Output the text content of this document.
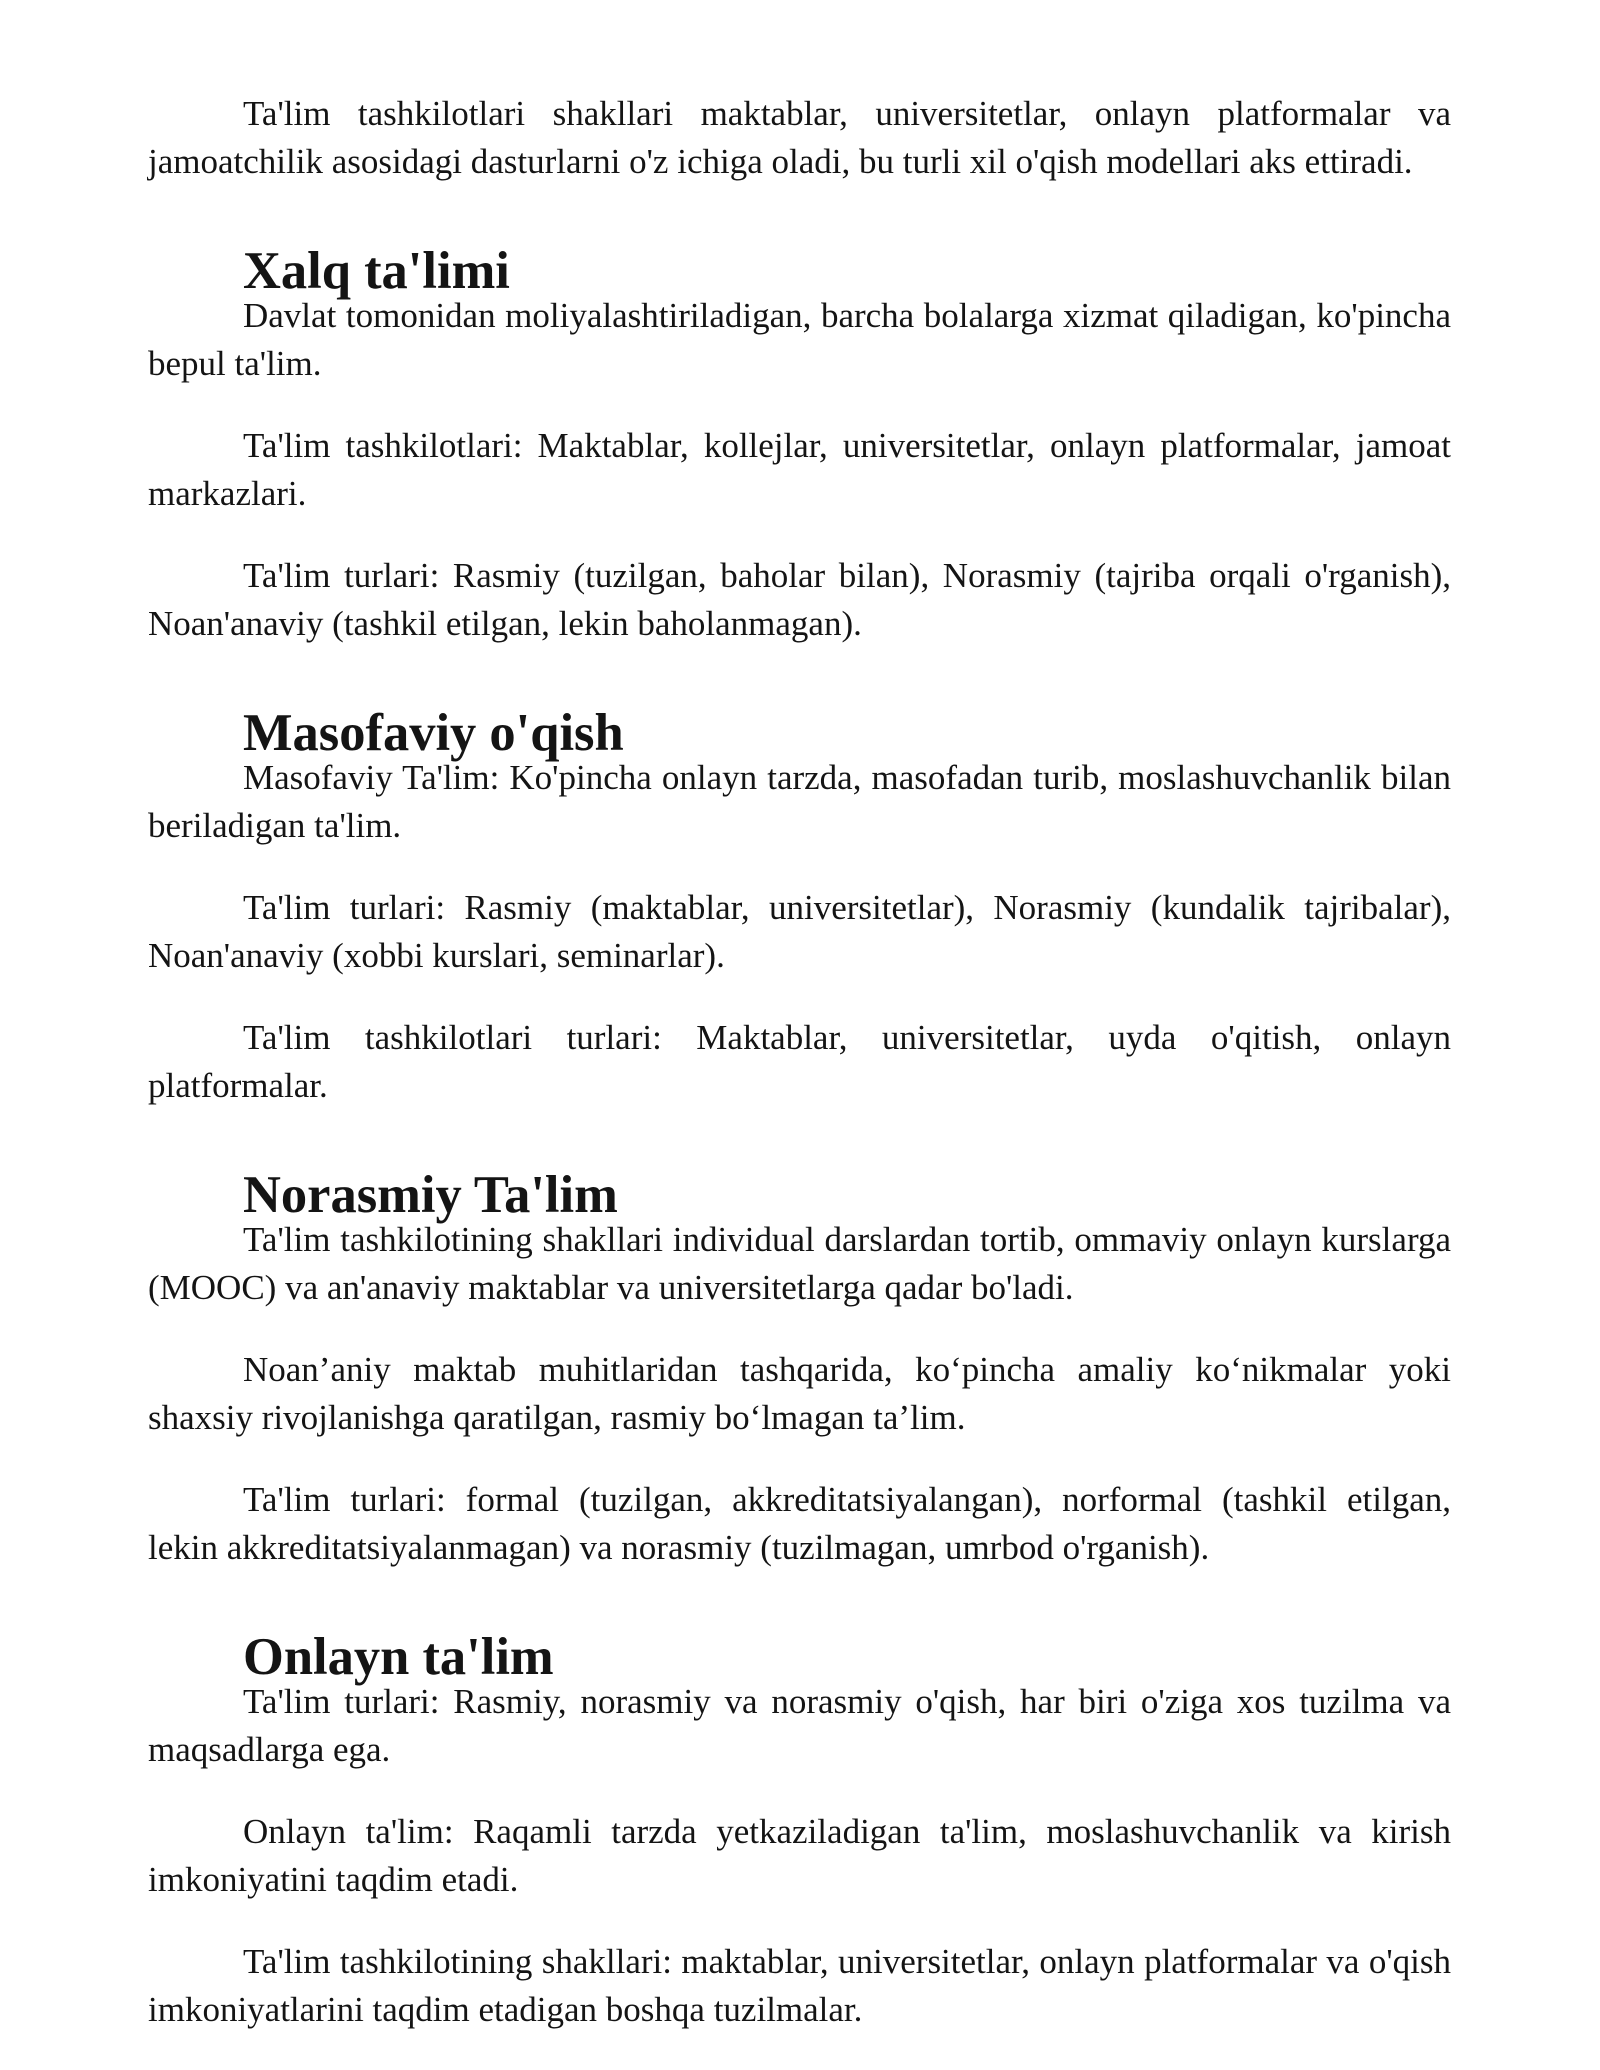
Ta'lim tashkilotlari shakllari maktablar, universitetlar, onlayn platformalar va jamoatchilik asosidagi dasturlarni o'z ichiga oladi, bu turli xil o'qish modellari aks ettiradi.

Xalq ta'limi

Davlat tomonidan moliyalashtiriladigan, barcha bolalarga xizmat qiladigan, ko'pincha bepul ta'lim.

Ta'lim tashkilotlari: Maktablar, kollejlar, universitetlar, onlayn platformalar, jamoat markazlari.

Ta'lim turlari: Rasmiy (tuzilgan, baholar bilan), Norasmiy (tajriba orqali o'rganish), Noan'anaviy (tashkil etilgan, lekin baholanmagan).

Masofaviy o'qish

Masofaviy Ta'lim: Ko'pincha onlayn tarzda, masofadan turib, moslashuvchanlik bilan beriladigan ta'lim.

Ta'lim turlari: Rasmiy (maktablar, universitetlar), Norasmiy (kundalik tajribalar), Noan'anaviy (xobbi kurslari, seminarlar).

Ta'lim tashkilotlari turlari: Maktablar, universitetlar, uyda o'qitish, onlayn platformalar.

Norasmiy Ta'lim

Ta'lim tashkilotining shakllari individual darslardan tortib, ommaviy onlayn kurslarga (MOOC) va an'anaviy maktablar va universitetlarga qadar bo'ladi.

Noan’aniy maktab muhitlaridan tashqarida, ko‘pincha amaliy ko‘nikmalar yoki shaxsiy rivojlanishga qaratilgan, rasmiy bo‘lmagan ta’lim.

Ta'lim turlari: formal (tuzilgan, akkreditatsiyalangan), norformal (tashkil etilgan, lekin akkreditatsiyalanmagan) va norasmiy (tuzilmagan, umrbod o'rganish).

Onlayn ta'lim

Ta'lim turlari: Rasmiy, norasmiy va norasmiy o'qish, har biri o'ziga xos tuzilma va maqsadlarga ega.

Onlayn ta'lim: Raqamli tarzda yetkaziladigan ta'lim, moslashuvchanlik va kirish imkoniyatini taqdim etadi.

Ta'lim tashkilotining shakllari: maktablar, universitetlar, onlayn platformalar va o'qish imkoniyatlarini taqdim etadigan boshqa tuzilmalar.
